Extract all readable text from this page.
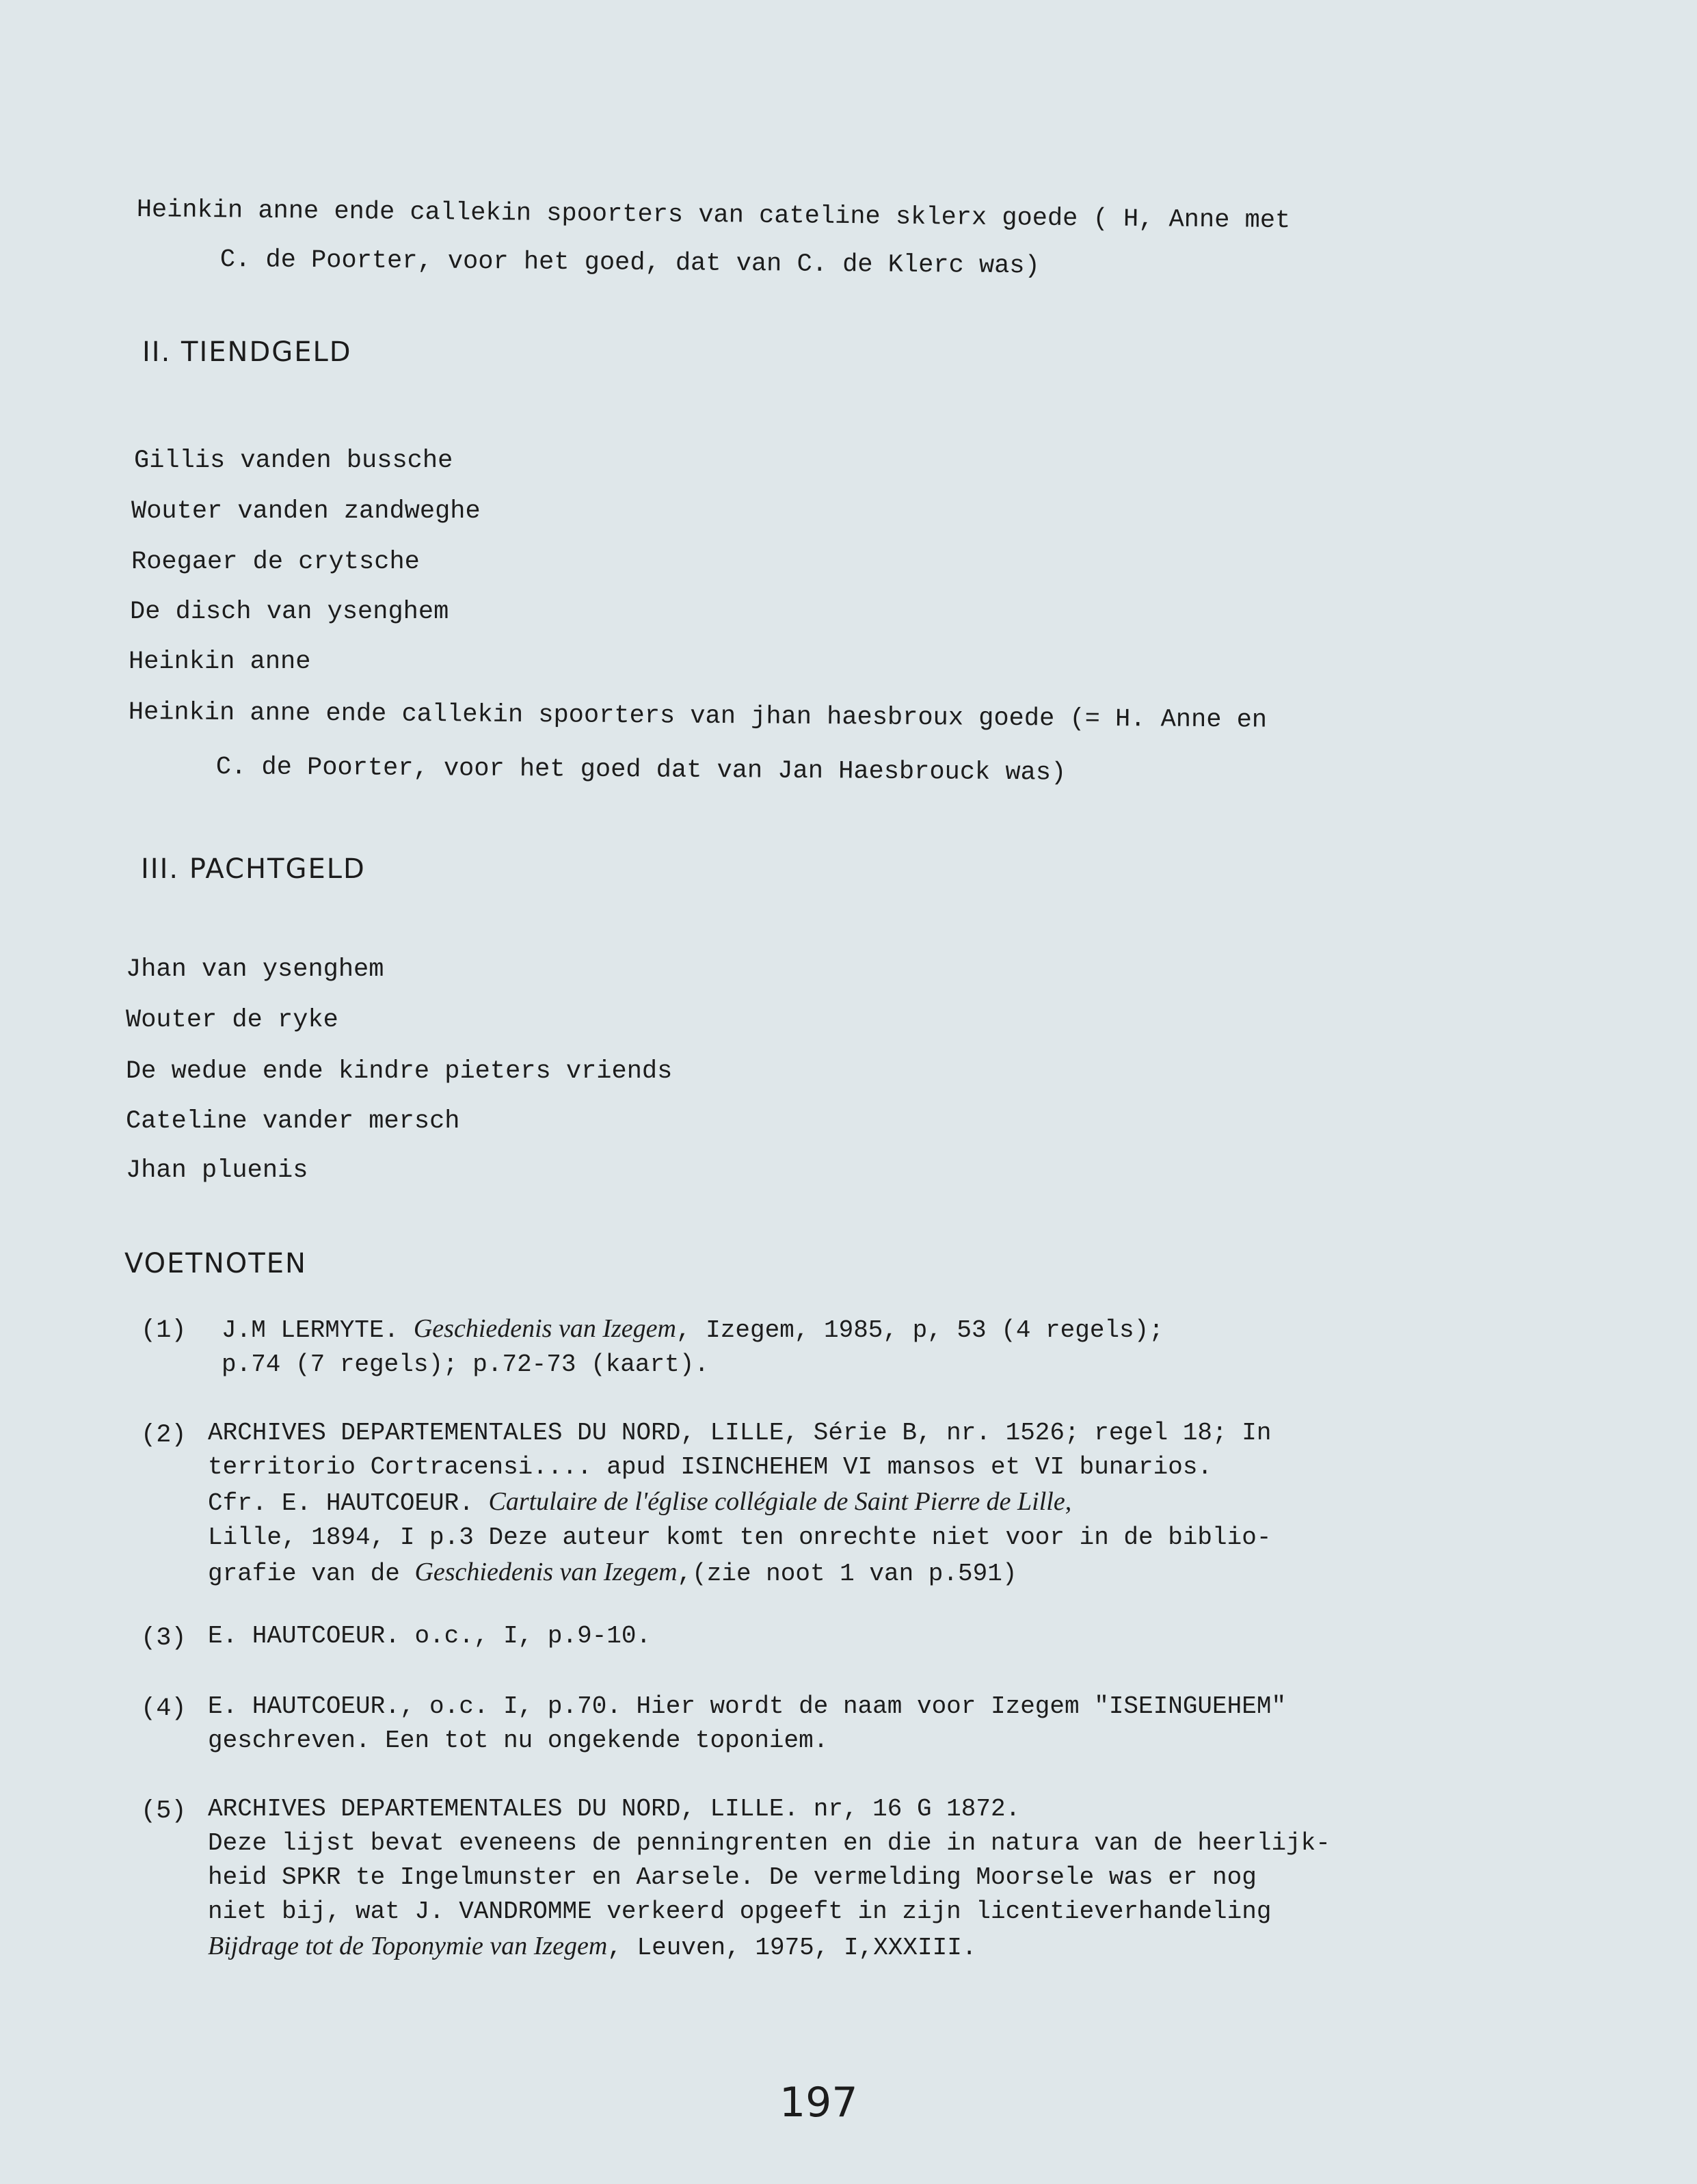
Heinkin anne ende callekin spoorters van cateline sklerx goede ( H, Anne met
C. de Poorter, voor het goed, dat van C. de Klerc was)
II. TIENDGELD
Gillis vanden bussche
Wouter vanden zandweghe
Roegaer de crytsche
De disch van ysenghem
Heinkin anne
Heinkin anne ende callekin spoorters van jhan haesbroux goede (= H. Anne en
C. de Poorter, voor het goed dat van Jan Haesbrouck was)
III. PACHTGELD
Jhan van ysenghem
Wouter de ryke
De wedue ende kindre pieters vriends
Cateline vander mersch
Jhan pluenis
VOETNOTEN
(1) J.M LERMYTE. Geschiedenis van Izegem, Izegem, 1985, p, 53 (4 regels);
p.74 (7 regels); p.72-73 (kaart).
(2) ARCHIVES DEPARTEMENTALES DU NORD, LILLE, Série B, nr. 1526; regel 18; In
territorio Cortracensi.... apud ISINCHEHEM VI mansos et VI bunarios.
Cfr. E. HAUTCOEUR. Cartulaire de l'église collégiale de Saint Pierre de Lille,
Lille, 1894, I p.3 Deze auteur komt ten onrechte niet voor in de biblio-
grafie van de Geschiedenis van Izegem,(zie noot 1 van p.591)
(3) E. HAUTCOEUR. o.c., I, p.9-10.
(4) E. HAUTCOEUR., o.c. I, p.70. Hier wordt de naam voor Izegem "ISEINGUEHEM"
geschreven. Een tot nu ongekende toponiem.
(5) ARCHIVES DEPARTEMENTALES DU NORD, LILLE. nr, 16 G 1872.
Deze lijst bevat eveneens de penningrenten en die in natura van de heerlijk-
heid SPKR te Ingelmunster en Aarsele. De vermelding Moorsele was er nog
niet bij, wat J. VANDROMME verkeerd opgeeft in zijn licentieverhandeling
Bijdrage tot de Toponymie van Izegem, Leuven, 1975, I,XXXIII.
197
